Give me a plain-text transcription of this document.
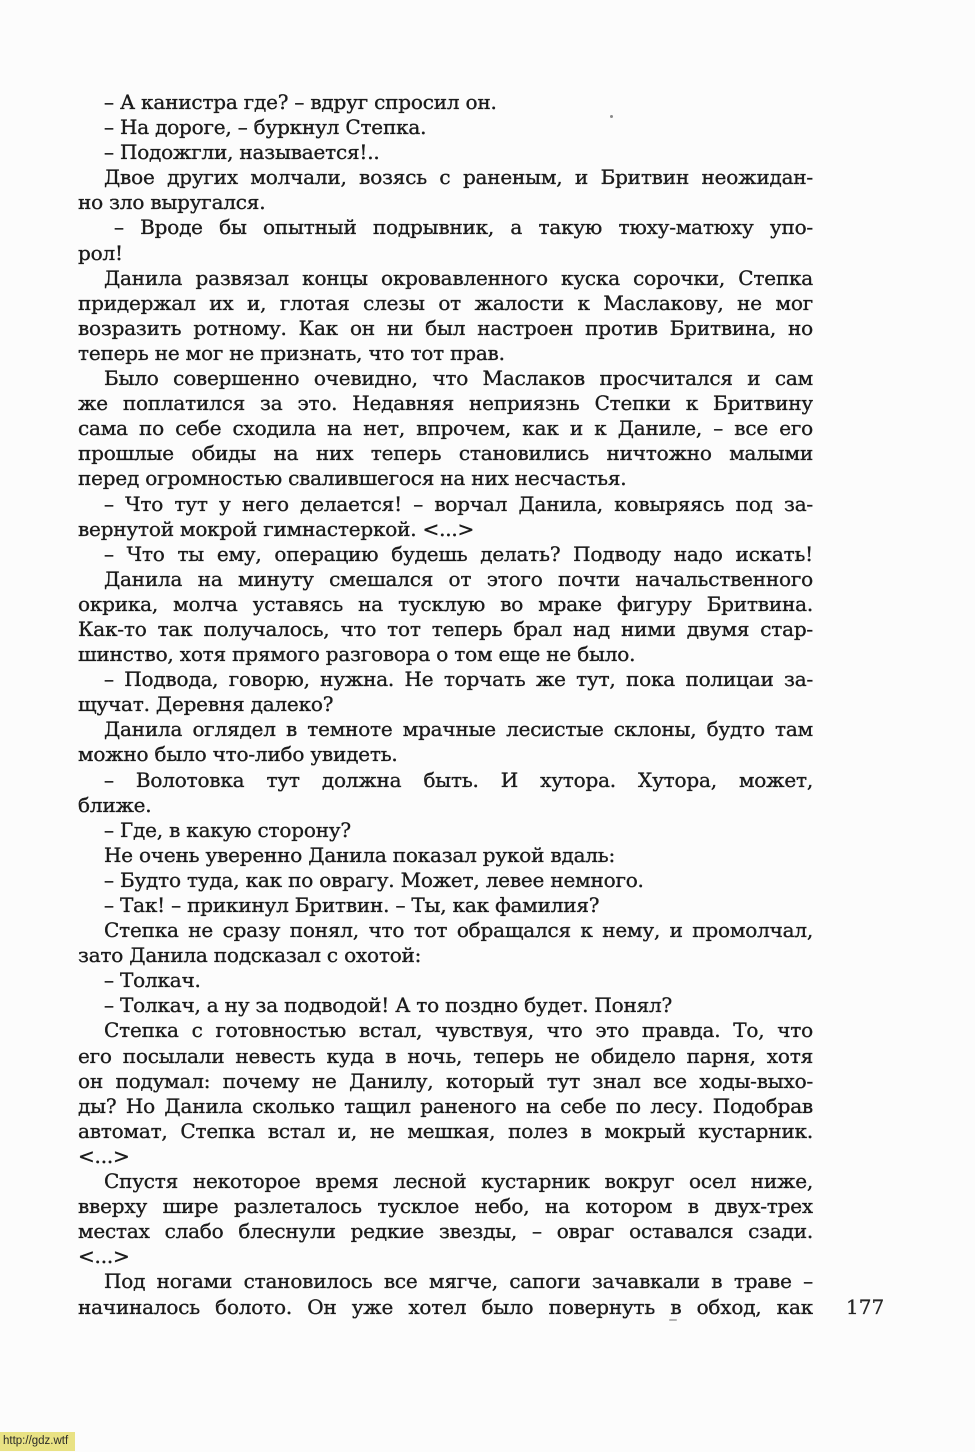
– А канистра где? – вдруг спросил он.
– На дороге, – буркнул Степка.
– Подожгли, называется!..
Двое других молчали, возясь с раненым, и Бритвин неожидан-
но зло выругался.
– Вроде бы опытный подрывник, а такую тюху-матюху упо-
рол!
Данила развязал концы окровавленного куска сорочки, Степка
придержал их и, глотая слезы от жалости к Маслакову, не мог
возразить ротному. Как он ни был настроен против Бритвина, но
теперь не мог не признать, что тот прав.
Было совершенно очевидно, что Маслаков просчитался и сам
же поплатился за это. Недавняя неприязнь Степки к Бритвину
сама по себе сходила на нет, впрочем, как и к Даниле, – все его
прошлые обиды на них теперь становились ничтожно малыми
перед огромностью свалившегося на них несчастья.
– Что тут у него делается! – ворчал Данила, ковыряясь под за-
вернутой мокрой гимнастеркой. <...>
– Что ты ему, операцию будешь делать? Подводу надо искать!
Данила на минуту смешался от этого почти начальственного
окрика, молча уставясь на тусклую во мраке фигуру Бритвина.
Как-то так получалось, что тот теперь брал над ними двумя стар-
шинство, хотя прямого разговора о том еще не было.
– Подвода, говорю, нужна. Не торчать же тут, пока полицаи за-
щучат. Деревня далеко?
Данила оглядел в темноте мрачные лесистые склоны, будто там
можно было что-либо увидеть.
– Волотовка тут должна быть. И хутора. Хутора, может,
ближе.
– Где, в какую сторону?
Не очень уверенно Данила показал рукой вдаль:
– Будто туда, как по оврагу. Может, левее немного.
– Так! – прикинул Бритвин. – Ты, как фамилия?
Степка не сразу понял, что тот обращался к нему, и промолчал,
зато Данила подсказал с охотой:
– Толкач.
– Толкач, а ну за подводой! А то поздно будет. Понял?
Степка с готовностью встал, чувствуя, что это правда. То, что
его посылали невесть куда в ночь, теперь не обидело парня, хотя
он подумал: почему не Данилу, который тут знал все ходы-выхо-
ды? Но Данила сколько тащил раненого на себе по лесу. Подобрав
автомат, Степка встал и, не мешкая, полез в мокрый кустарник.
<...>
Спустя некоторое время лесной кустарник вокруг осел ниже,
вверху шире разлеталось тусклое небо, на котором в двух-трех
местах слабо блеснули редкие звезды, – овраг оставался сзади.
<...>
Под ногами становилось все мягче, сапоги зачавкали в траве –
начиналось болото. Он уже хотел было повернуть в обход, как 177
http://gdz.wtf
